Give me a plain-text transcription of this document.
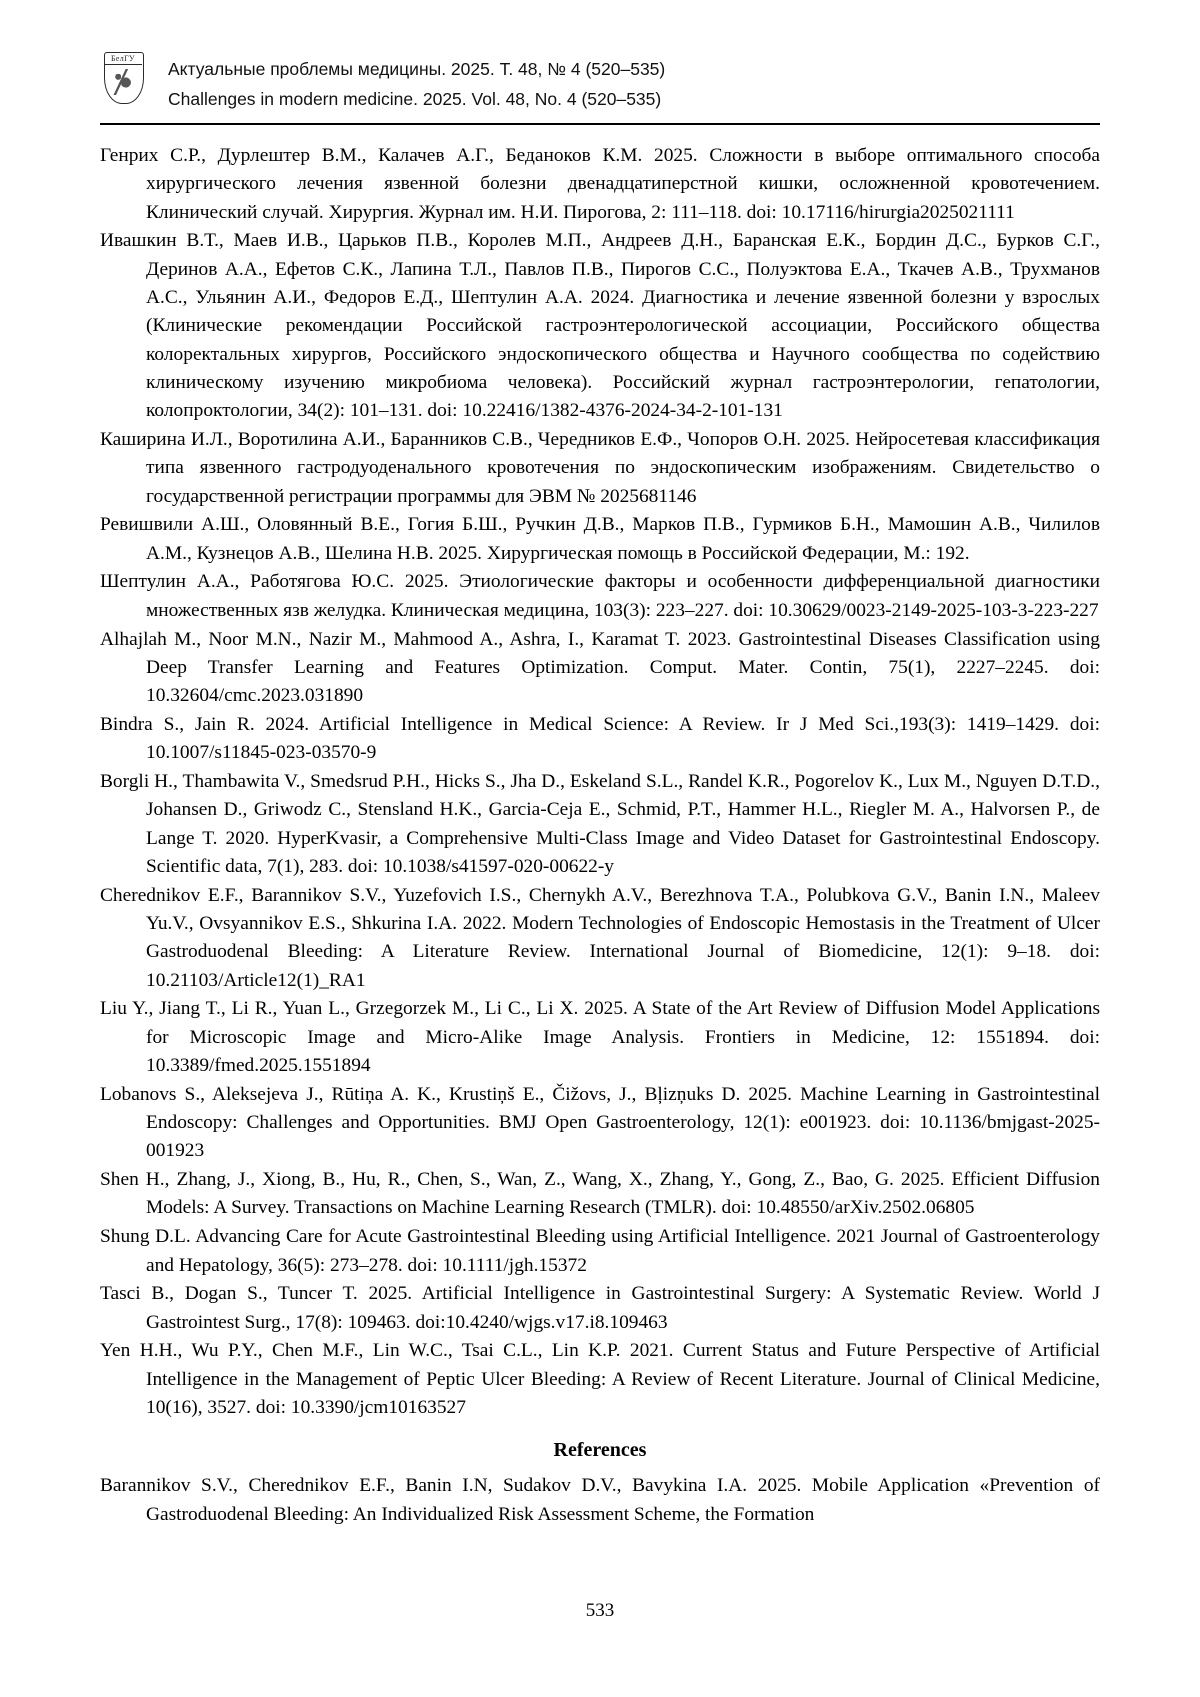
БелГУ
Актуальные проблемы медицины. 2025. Т. 48, № 4 (520–535)
Challenges in modern medicine. 2025. Vol. 48, No. 4 (520–535)

Генрих С.Р., Дурлештер В.М., Калачев А.Г., Беданоков К.М. 2025. Сложности в выборе оптимального способа хирургического лечения язвенной болезни двенадцатиперстной кишки, осложненной кровотечением. Клинический случай. Хирургия. Журнал им. Н.И. Пирогова, 2: 111–118. doi: 10.17116/hirurgia2025021111

Ивашкин В.Т., Маев И.В., Царьков П.В., Королев М.П., Андреев Д.Н., Баранская Е.К., Бордин Д.С., Бурков С.Г., Деринов А.А., Ефетов С.К., Лапина Т.Л., Павлов П.В., Пирогов С.С., Полуэктова Е.А., Ткачев А.В., Трухманов А.С., Ульянин А.И., Федоров Е.Д., Шептулин А.А. 2024. Диагностика и лечение язвенной болезни у взрослых (Клинические рекомендации Российской гастроэнтерологической ассоциации, Российского общества колоректальных хирургов, Российского эндоскопического общества и Научного сообщества по содействию клиническому изучению микробиома человека). Российский журнал гастроэнтерологии, гепатологии, колопроктологии, 34(2): 101–131. doi: 10.22416/1382-4376-2024-34-2-101-131

Каширина И.Л., Воротилина А.И., Баранников С.В., Чередников Е.Ф., Чопоров О.Н. 2025. Нейросетевая классификация типа язвенного гастродуоденального кровотечения по эндоскопическим изображениям. Свидетельство о государственной регистрации программы для ЭВМ № 2025681146

Ревишвили А.Ш., Оловянный В.Е., Гогия Б.Ш., Ручкин Д.В., Марков П.В., Гурмиков Б.Н., Мамошин А.В., Чилилов А.М., Кузнецов А.В., Шелина Н.В. 2025. Хирургическая помощь в Российской Федерации, М.: 192.

Шептулин А.А., Работягова Ю.С. 2025. Этиологические факторы и особенности дифференциальной диагностики множественных язв желудка. Клиническая медицина, 103(3): 223–227. doi: 10.30629/0023-2149-2025-103-3-223-227

Alhajlah M., Noor M.N., Nazir M., Mahmood A., Ashra, I., Karamat T. 2023. Gastrointestinal Diseases Classification using Deep Transfer Learning and Features Optimization. Comput. Mater. Contin, 75(1), 2227–2245. doi: 10.32604/cmc.2023.031890

Bindra S., Jain R. 2024. Artificial Intelligence in Medical Science: A Review. Ir J Med Sci.,193(3): 1419–1429. doi: 10.1007/s11845-023-03570-9

Borgli H., Thambawita V., Smedsrud P.H., Hicks S., Jha D., Eskeland S.L., Randel K.R., Pogorelov K., Lux M., Nguyen D.T.D., Johansen D., Griwodz C., Stensland H.K., Garcia-Ceja E., Schmid, P.T., Hammer H.L., Riegler M. A., Halvorsen P., de Lange T. 2020. HyperKvasir, a Comprehensive Multi-Class Image and Video Dataset for Gastrointestinal Endoscopy. Scientific data, 7(1), 283. doi: 10.1038/s41597-020-00622-y

Cherednikov E.F., Barannikov S.V., Yuzefovich I.S., Chernykh A.V., Berezhnova T.A., Polubkova G.V., Banin I.N., Maleev Yu.V., Ovsyannikov E.S., Shkurina I.A. 2022. Modern Technologies of Endoscopic Hemostasis in the Treatment of Ulcer Gastroduodenal Bleeding: A Literature Review. International Journal of Biomedicine, 12(1): 9–18. doi: 10.21103/Article12(1)_RA1

Liu Y., Jiang T., Li R., Yuan L., Grzegorzek M., Li C., Li X. 2025. A State of the Art Review of Diffusion Model Applications for Microscopic Image and Micro-Alike Image Analysis. Frontiers in Medicine, 12: 1551894. doi: 10.3389/fmed.2025.1551894

Lobanovs S., Aleksejeva J., Rūtiņa A. K., Krustiņš E., Čižovs, J., Bļizņuks D. 2025. Machine Learning in Gastrointestinal Endoscopy: Challenges and Opportunities. BMJ Open Gastroenterology, 12(1): e001923. doi: 10.1136/bmjgast-2025-001923

Shen H., Zhang, J., Xiong, B., Hu, R., Chen, S., Wan, Z., Wang, X., Zhang, Y., Gong, Z., Bao, G. 2025. Efficient Diffusion Models: A Survey. Transactions on Machine Learning Research (TMLR). doi: 10.48550/arXiv.2502.06805

Shung D.L. Advancing Care for Acute Gastrointestinal Bleeding using Artificial Intelligence. 2021 Journal of Gastroenterology and Hepatology, 36(5): 273–278. doi: 10.1111/jgh.15372

Tasci B., Dogan S., Tuncer T. 2025. Artificial Intelligence in Gastrointestinal Surgery: A Systematic Review. World J Gastrointest Surg., 17(8): 109463. doi:10.4240/wjgs.v17.i8.109463

Yen H.H., Wu P.Y., Chen M.F., Lin W.C., Tsai C.L., Lin K.P. 2021. Current Status and Future Perspective of Artificial Intelligence in the Management of Peptic Ulcer Bleeding: A Review of Recent Literature. Journal of Clinical Medicine, 10(16), 3527. doi: 10.3390/jcm10163527

References

Barannikov S.V., Cherednikov E.F., Banin I.N, Sudakov D.V., Bavykina I.A. 2025. Mobile Application «Prevention of Gastroduodenal Bleeding: An Individualized Risk Assessment Scheme, the Formation

533
